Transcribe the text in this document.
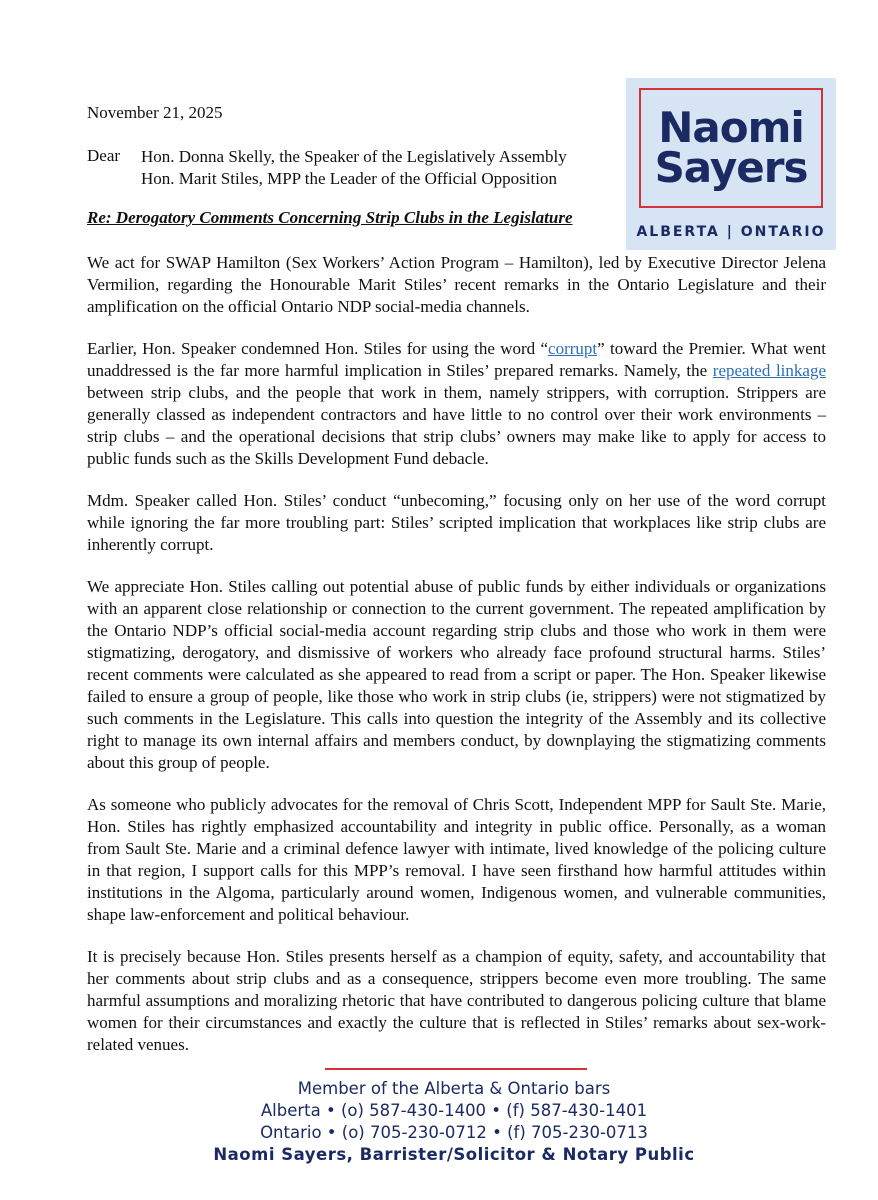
Naomi
Sayers
ALBERTA | ONTARIO
November 21, 2025
Dear Hon. Donna Skelly, the Speaker of the Legislatively Assembly
Hon. Marit Stiles, MPP the Leader of the Official Opposition
Re: Derogatory Comments Concerning Strip Clubs in the Legislature

We act for SWAP Hamilton (Sex Workers’ Action Program – Hamilton), led by Executive Director Jelena Vermilion, regarding the Honourable Marit Stiles’ recent remarks in the Ontario Legislature and their amplification on the official Ontario NDP social-media channels.

Earlier, Hon. Speaker condemned Hon. Stiles for using the word “corrupt” toward the Premier. What went unaddressed is the far more harmful implication in Stiles’ prepared remarks. Namely, the repeated linkage between strip clubs, and the people that work in them, namely strippers, with corruption. Strippers are generally classed as independent contractors and have little to no control over their work environments – strip clubs – and the operational decisions that strip clubs’ owners may make like to apply for access to public funds such as the Skills Development Fund debacle.

Mdm. Speaker called Hon. Stiles’ conduct “unbecoming,” focusing only on her use of the word corrupt while ignoring the far more troubling part: Stiles’ scripted implication that workplaces like strip clubs are inherently corrupt.

We appreciate Hon. Stiles calling out potential abuse of public funds by either individuals or organizations with an apparent close relationship or connection to the current government. The repeated amplification by the Ontario NDP’s official social-media account regarding strip clubs and those who work in them were stigmatizing, derogatory, and dismissive of workers who already face profound structural harms. Stiles’ recent comments were calculated as she appeared to read from a script or paper. The Hon. Speaker likewise failed to ensure a group of people, like those who work in strip clubs (ie, strippers) were not stigmatized by such comments in the Legislature. This calls into question the integrity of the Assembly and its collective right to manage its own internal affairs and members conduct, by downplaying the stigmatizing comments about this group of people.

As someone who publicly advocates for the removal of Chris Scott, Independent MPP for Sault Ste. Marie, Hon. Stiles has rightly emphasized accountability and integrity in public office. Personally, as a woman from Sault Ste. Marie and a criminal defence lawyer with intimate, lived knowledge of the policing culture in that region, I support calls for this MPP’s removal. I have seen firsthand how harmful attitudes within institutions in the Algoma, particularly around women, Indigenous women, and vulnerable communities, shape law-enforcement and political behaviour.

It is precisely because Hon. Stiles presents herself as a champion of equity, safety, and accountability that her comments about strip clubs and as a consequence, strippers become even more troubling. The same harmful assumptions and moralizing rhetoric that have contributed to dangerous policing culture that blame women for their circumstances and exactly the culture that is reflected in Stiles’ remarks about sex-work-related venues.

Member of the Alberta & Ontario bars
Alberta • (o) 587-430-1400 • (f) 587-430-1401
Ontario • (o) 705-230-0712 • (f) 705-230-0713
Naomi Sayers, Barrister/Solicitor & Notary Public
